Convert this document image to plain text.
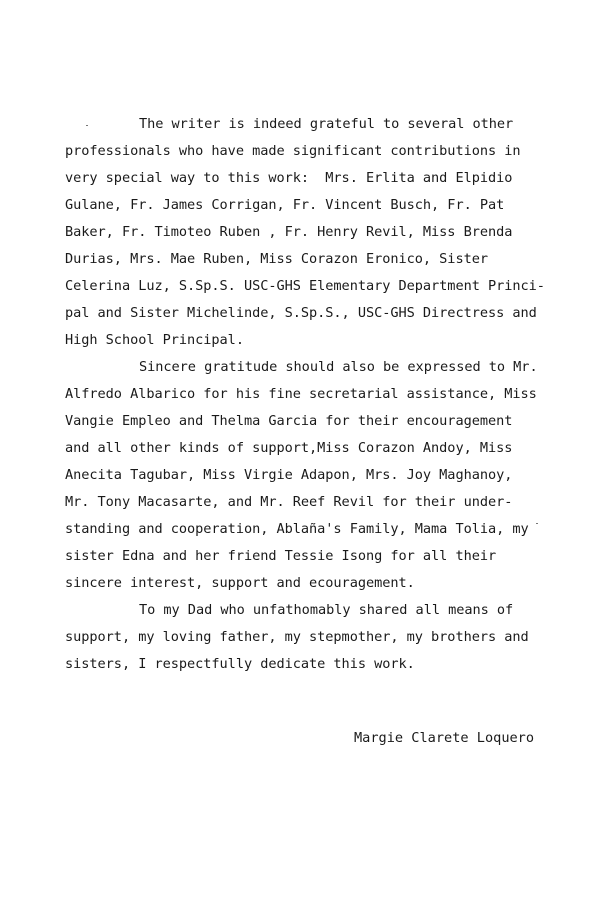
The writer is indeed grateful to several other
professionals who have made significant contributions in
very special way to this work:  Mrs. Erlita and Elpidio
Gulane, Fr. James Corrigan, Fr. Vincent Busch, Fr. Pat
Baker, Fr. Timoteo Ruben , Fr. Henry Revil, Miss Brenda
Durias, Mrs. Mae Ruben, Miss Corazon Eronico, Sister
Celerina Luz, S.Sp.S. USC-GHS Elementary Department Princi-
pal and Sister Michelinde, S.Sp.S., USC-GHS Directress and
High School Principal.
Sincere gratitude should also be expressed to Mr.
Alfredo Albarico for his fine secretarial assistance, Miss
Vangie Empleo and Thelma Garcia for their encouragement
and all other kinds of support,Miss Corazon Andoy, Miss
Anecita Tagubar, Miss Virgie Adapon, Mrs. Joy Maghanoy,
Mr. Tony Macasarte, and Mr. Reef Revil for their under-
standing and cooperation, Ablaña's Family, Mama Tolia, my
sister Edna and her friend Tessie Isong for all their
sincere interest, support and ecouragement.
To my Dad who unfathomably shared all means of
support, my loving father, my stepmother, my brothers and
sisters, I respectfully dedicate this work.
Margie Clarete Loquero
